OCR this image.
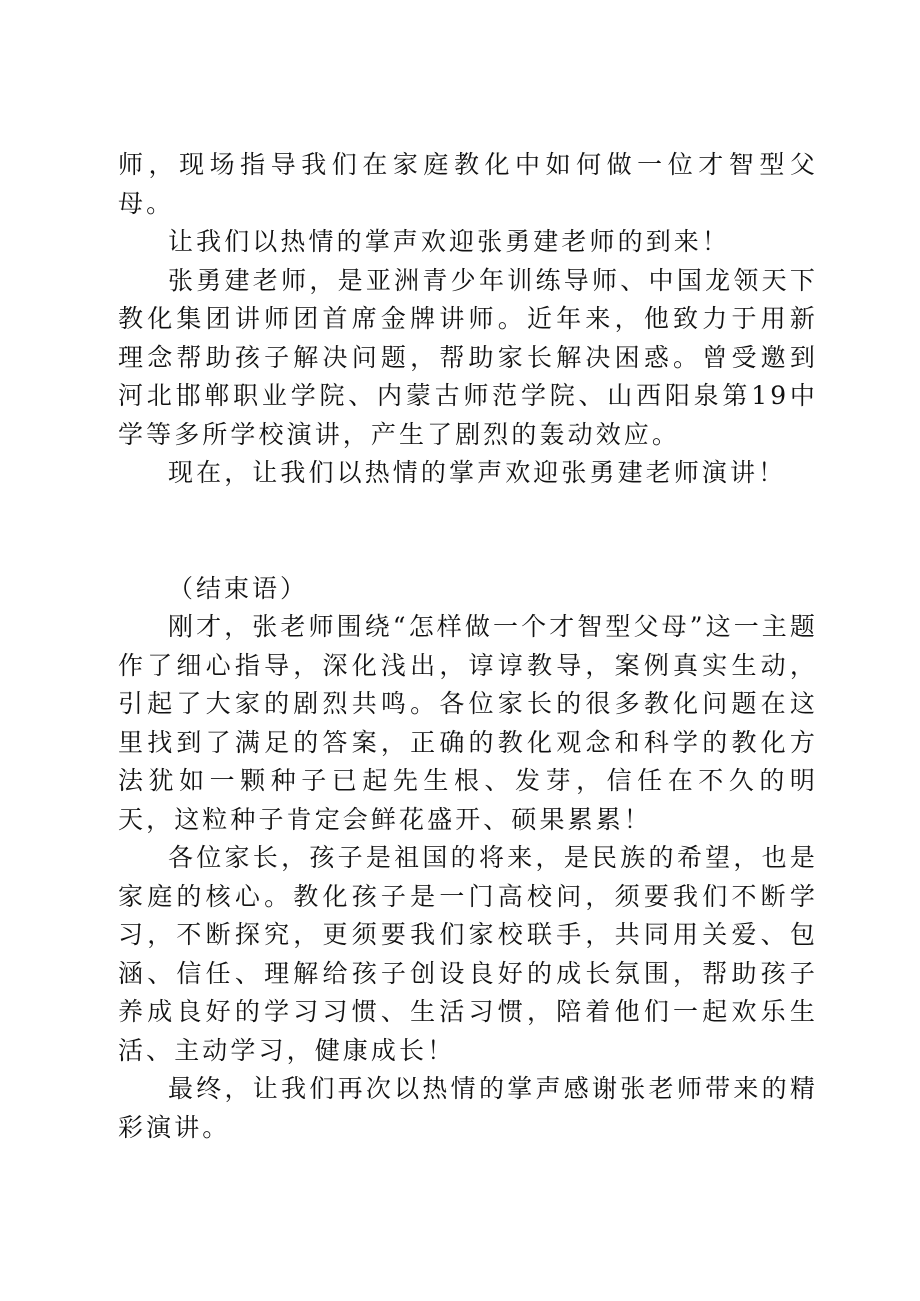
师，现场指导我们在家庭教化中如何做一位才智型父母。

让我们以热情的掌声欢迎张勇建老师的到来！

张勇建老师，是亚洲青少年训练导师、中国龙领天下教化集团讲师团首席金牌讲师。近年来，他致力于用新理念帮助孩子解决问题，帮助家长解决困惑。曾受邀到河北邯郸职业学院、内蒙古师范学院、山西阳泉第19中学等多所学校演讲，产生了剧烈的轰动效应。

现在，让我们以热情的掌声欢迎张勇建老师演讲！

（结束语）

刚才，张老师围绕“怎样做一个才智型父母”这一主题作了细心指导，深化浅出，谆谆教导，案例真实生动，引起了大家的剧烈共鸣。各位家长的很多教化问题在这里找到了满足的答案，正确的教化观念和科学的教化方法犹如一颗种子已起先生根、发芽，信任在不久的明天，这粒种子肯定会鲜花盛开、硕果累累！

各位家长，孩子是祖国的将来，是民族的希望，也是家庭的核心。教化孩子是一门高校问，须要我们不断学习，不断探究，更须要我们家校联手，共同用关爱、包涵、信任、理解给孩子创设良好的成长氛围，帮助孩子养成良好的学习习惯、生活习惯，陪着他们一起欢乐生活、主动学习，健康成长！

最终，让我们再次以热情的掌声感谢张老师带来的精彩演讲。
